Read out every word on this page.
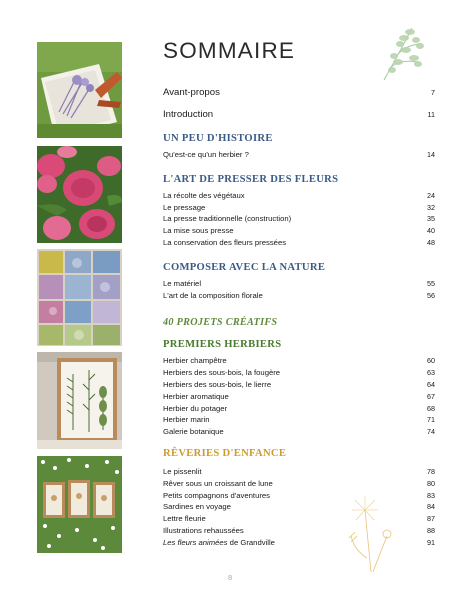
SOMMAIRE
Avant-propos	7
Introduction	11
UN PEU D'HISTOIRE
Qu'est-ce qu'un herbier ?	14
L'ART DE PRESSER DES FLEURS
La récolte des végétaux	24
Le pressage	32
La presse traditionnelle (construction)	35
La mise sous presse	40
La conservation des fleurs pressées	48
COMPOSER AVEC LA NATURE
Le matériel	55
L'art de la composition florale	56
40 PROJETS CRÉATIFS
PREMIERS HERBIERS
Herbier champêtre	60
Herbiers des sous-bois, la fougère	63
Herbiers des sous-bois, le lierre	64
Herbier aromatique	67
Herbier du potager	68
Herbier marin	71
Galerie botanique	74
RÊVERIES D'ENFANCE
Le pissenlit	78
Rêver sous un croissant de lune	80
Petits compagnons d'aventures	83
Sardines en voyage	84
Lettre fleurie	87
Illustrations rehaussées	88
Les fleurs animées de Grandville	91
8
